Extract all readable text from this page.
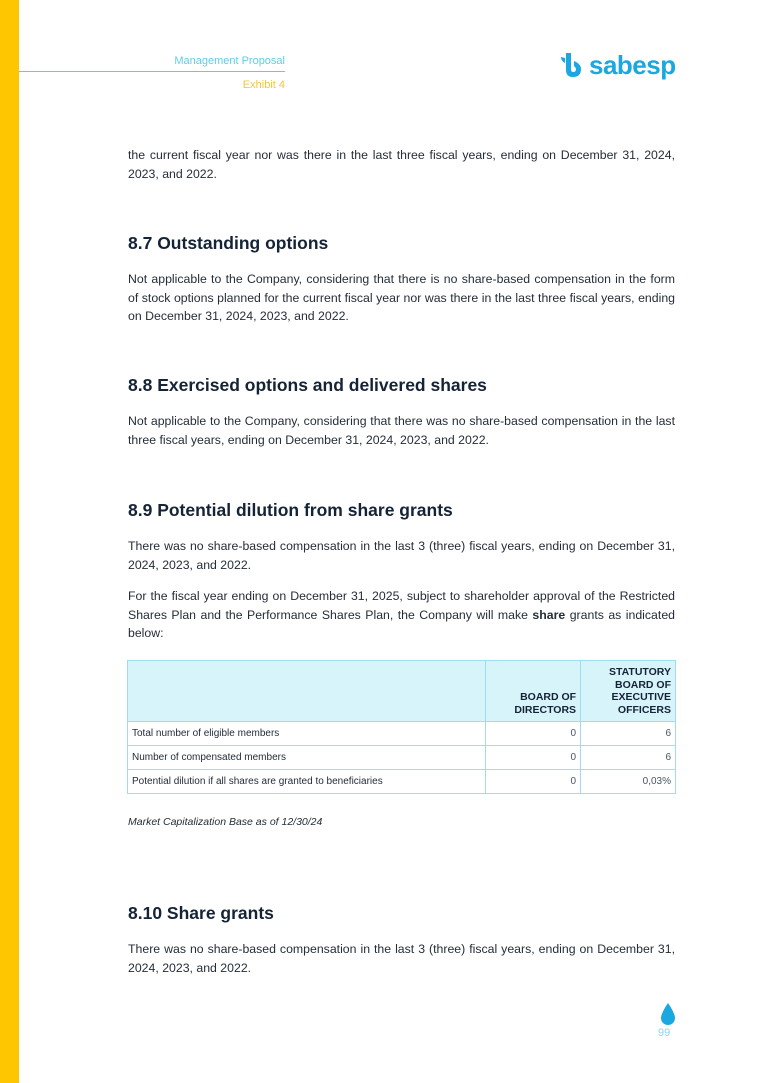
Management Proposal
Exhibit 4
sabesp

the current fiscal year nor was there in the last three fiscal years, ending on December 31, 2024, 2023, and 2022.

8.7 Outstanding options

Not applicable to the Company, considering that there is no share-based compensation in the form of stock options planned for the current fiscal year nor was there in the last three fiscal years, ending on December 31, 2024, 2023, and 2022.

8.8 Exercised options and delivered shares

Not applicable to the Company, considering that there was no share-based compensation in the last three fiscal years, ending on December 31, 2024, 2023, and 2022.

8.9 Potential dilution from share grants

There was no share-based compensation in the last 3 (three) fiscal years, ending on December 31, 2024, 2023, and 2022.

For the fiscal year ending on December 31, 2025, subject to shareholder approval of the Restricted Shares Plan and the Performance Shares Plan, the Company will make share grants as indicated below:

	BOARD OF DIRECTORS	STATUTORY BOARD OF EXECUTIVE OFFICERS
Total number of eligible members	0	6
Number of compensated members	0	6
Potential dilution if all shares are granted to beneficiaries	0	0,03%
Market Capitalization Base as of 12/30/24
8.10 Share grants

There was no share-based compensation in the last 3 (three) fiscal years, ending on December 31, 2024, 2023, and 2022.

99
